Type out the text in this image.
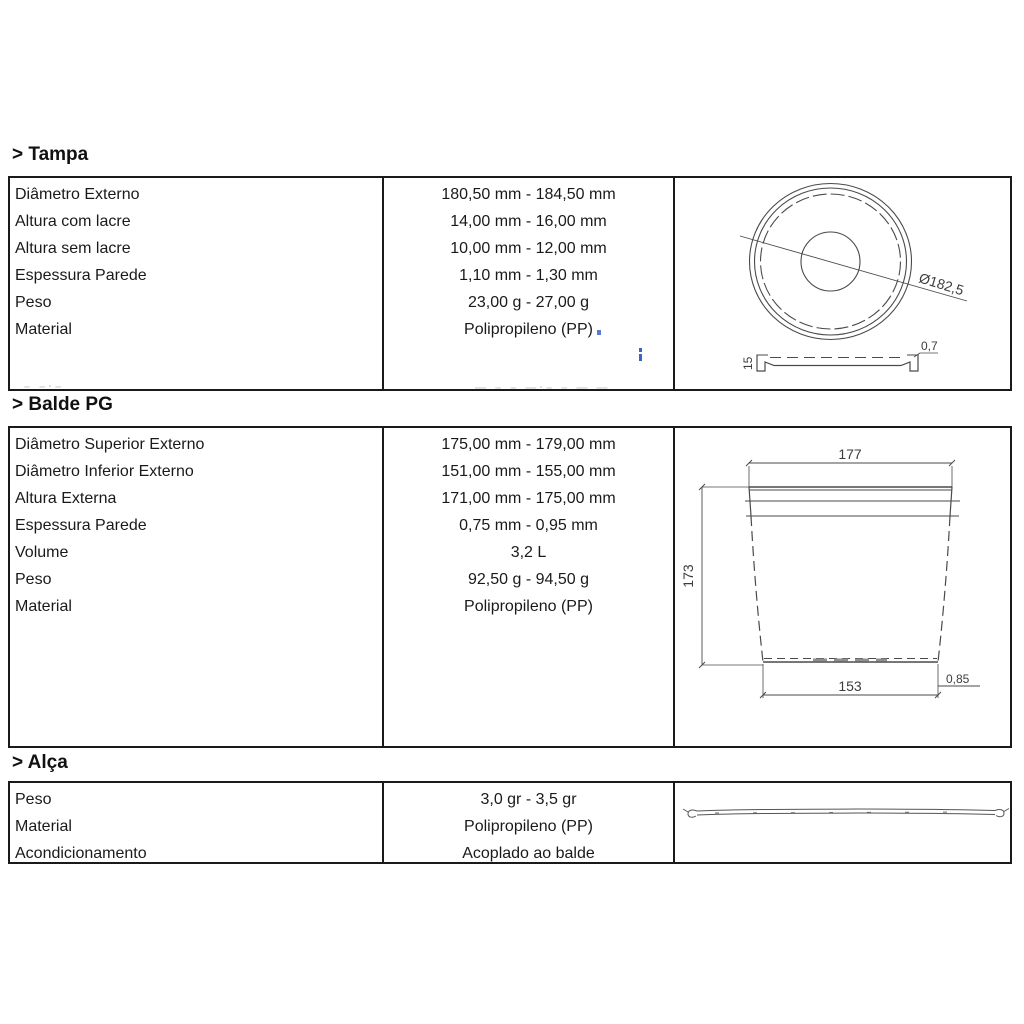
> Tampa
Diâmetro Externo
Altura com lacre
Altura sem lacre
Espessura Parede
Peso
Material
180,50 mm - 184,50 mm
14,00 mm - 16,00 mm
10,00 mm - 12,00 mm
1,10 mm - 1,30 mm
23,00 g - 27,00 g
Polipropileno (PP)
Ø182,5
15
0,7
– –·–	— – – —·– – — —
> Balde PG
Diâmetro Superior Externo
Diâmetro Inferior Externo
Altura Externa
Espessura Parede
Volume
Peso
Material
175,00 mm - 179,00 mm
151,00 mm - 155,00 mm
171,00 mm - 175,00 mm
0,75 mm - 0,95 mm
3,2 L
92,50 g - 94,50 g
Polipropileno (PP)
177
173
153	0,85
> Alça
Peso
Material
Acondicionamento
3,0 gr - 3,5 gr
Polipropileno (PP)
Acoplado ao balde
